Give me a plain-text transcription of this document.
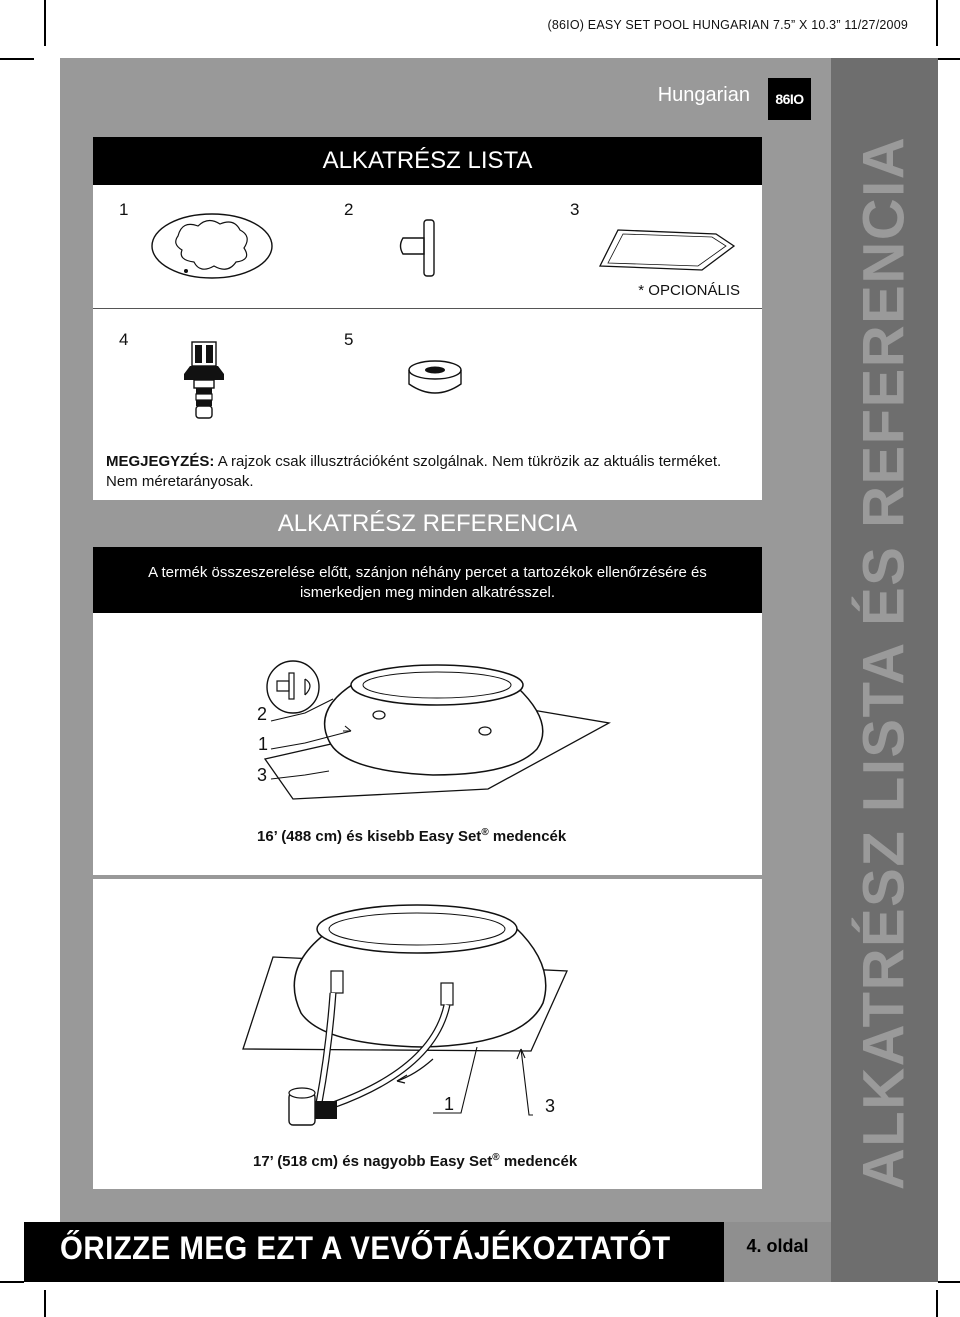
(86IO) EASY SET POOL HUNGARIAN 7.5” X 10.3” 11/27/2009
Hungarian	86IO
ALKATRÉSZ LISTA ÉS REFERENCIA
ALKATRÉSZ LISTA
1	2	3
4	5
* OPCIONÁLIS
MEGJEGYZÉS: A rajzok csak illusztrációként szolgálnak. Nem tükrözik az aktuális terméket. Nem méretarányosak.
ALKATRÉSZ REFERENCIA
A termék összeszerelése előtt, szánjon néhány percet a tartozékok ellenőrzésére és ismerkedjen meg minden alkatrésszel.
2
1
3
16’ (488 cm) és kisebb Easy Set® medencék
1	3
17’ (518 cm) és nagyobb Easy Set® medencék
ŐRIZZE MEG EZT A VEVŐTÁJÉKOZTATÓT	4. oldal
